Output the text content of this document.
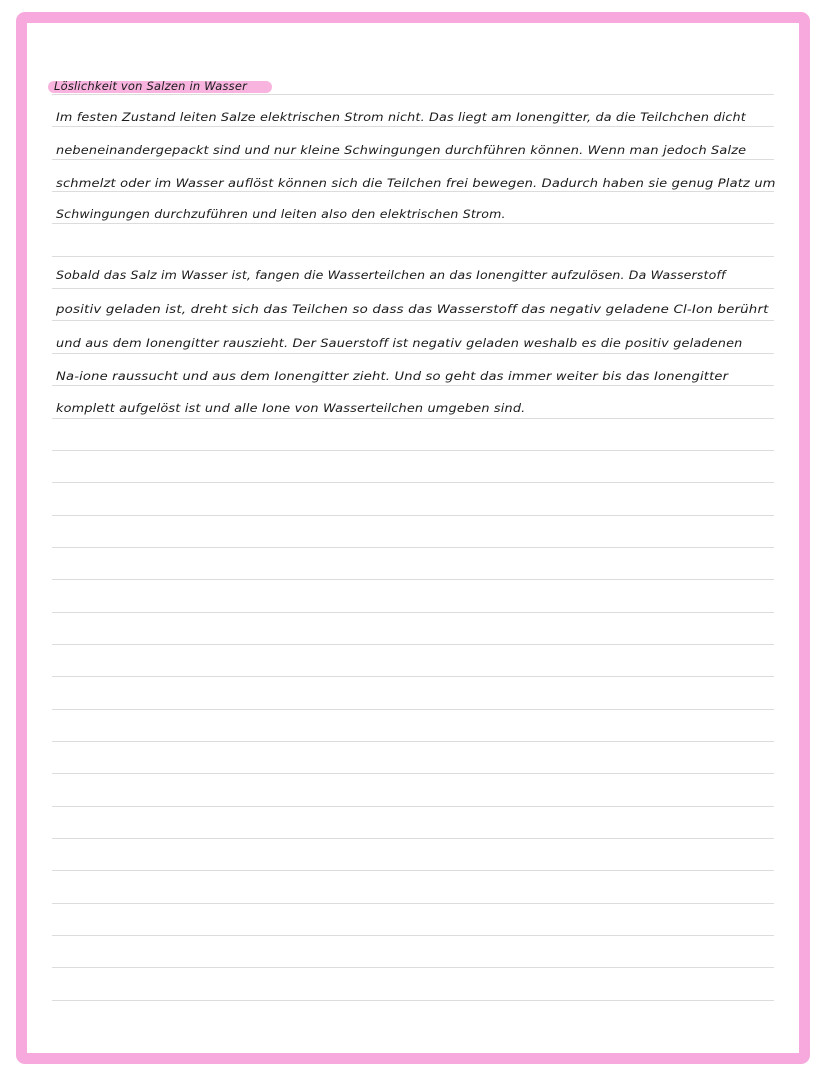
Löslichkeit von Salzen in Wasser
Im festen Zustand leiten Salze elektrischen Strom nicht. Das liegt am Ionengitter, da die Teilchchen dicht
nebeneinandergepackt sind und nur kleine Schwingungen durchführen können. Wenn man jedoch Salze
schmelzt oder im Wasser auflöst können sich die Teilchen frei bewegen. Dadurch haben sie genug Platz um
Schwingungen durchzuführen und leiten also den elektrischen Strom.
Sobald das Salz im Wasser ist, fangen die Wasserteilchen an das Ionengitter aufzulösen. Da Wasserstoff
positiv geladen ist, dreht sich das Teilchen so dass das Wasserstoff das negativ geladene Cl-Ion berührt
und aus dem Ionengitter rauszieht. Der Sauerstoff ist negativ geladen weshalb es die positiv geladenen
Na-ione raussucht und aus dem Ionengitter zieht. Und so geht das immer weiter bis das Ionengitter
komplett aufgelöst ist und alle Ione von Wasserteilchen umgeben sind.
